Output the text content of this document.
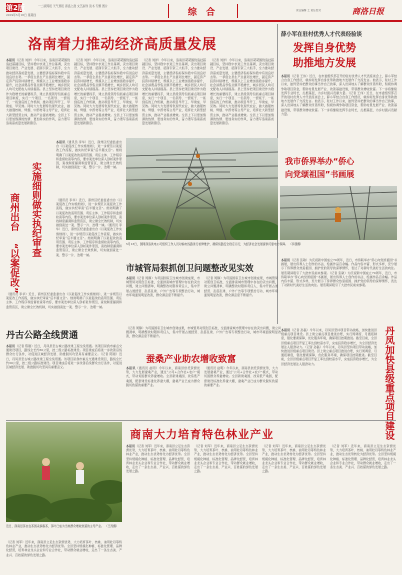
第2版	一二版简报 天气预报 商洛之窗 文艺副刊 读书 专题 图片
2019年5月16日 星期四	综 合	责任编辑 王 责任校对	商洛日报
洛南着力推动经济高质量发展
本报讯（记者 刘洋）今年以来，洛南县紧紧围绕追赶超越目标，坚持稳中求进工作总基调，突出项目建设、产业发展、招商引资三大抓手，全力推动经济高质量发展，主要经济指标保持稳中有进良好态势。一季度全县生产总值同比增长，固定资产投资持续增长，规模以上工业增加值稳步提升，社会消费品零售总额平稳增长，城乡居民人均可支配收入持续提高。县上坚持把项目建设作为稳增长的重要抓手，建立县级领导包抓重点项目制度，实行一个项目、一名领导、一套班子、一抓到底的工作机制，推动项目早开工、早建成、早见效。同时大力发展特色现代农业，做大做强核桃、烤烟、中药材等主导产业，培育壮大新型经营主体，推动产业提质增效。全县上下以更加饱满的热情、更加务实的作风，奋力谱写洛南高质量发展新篇章。
（记者 刘洋）今年以来，洛南县紧紧围绕追赶超越目标，坚持稳中求进工作总基调，突出项目建设、产业发展、招商引资三大抓手，全力推动经济高质量发展，主要经济指标保持稳中有进良好态势。一季度全县生产总值同比增长，固定资产投资持续增长，规模以上工业增加值稳步提升，社会消费品零售总额平稳增长，城乡居民人均可支配收入持续提高。县上坚持把项目建设作为稳增长的重要抓手，建立县级领导包抓重点项目制度，实行一个项目、一名领导、一套班子、一抓到底的工作机制，推动项目早开工、早建成、早见效。同时大力发展特色现代农业，做大做强核桃、烤烟、中药材等主导产业，培育壮大新型经营主体，推动产业提质增效。全县上下以更加饱满的热情、更加务实的作风，奋力谱写洛南高质量发展新篇章。
（记者 刘洋）今年以来，洛南县紧紧围绕追赶超越目标，坚持稳中求进工作总基调，突出项目建设、产业发展、招商引资三大抓手，全力推动经济高质量发展，主要经济指标保持稳中有进良好态势。一季度全县生产总值同比增长，固定资产投资持续增长，规模以上工业增加值稳步提升，社会消费品零售总额平稳增长，城乡居民人均可支配收入持续提高。县上坚持把项目建设作为稳增长的重要抓手，建立县级领导包抓重点项目制度，实行一个项目、一名领导、一套班子、一抓到底的工作机制，推动项目早开工、早建成、早见效。同时大力发展特色现代农业，做大做强核桃、烤烟、中药材等主导产业，培育壮大新型经营主体，推动产业提质增效。全县上下以更加饱满的热情、更加务实的作风，奋力谱写洛南高质量发展新篇章。
（记者 刘洋）今年以来，洛南县紧紧围绕追赶超越目标，坚持稳中求进工作总基调，突出项目建设、产业发展、招商引资三大抓手，全力推动经济高质量发展，主要经济指标保持稳中有进良好态势。一季度全县生产总值同比增长，固定资产投资持续增长，规模以上工业增加值稳步提升，社会消费品零售总额平稳增长，城乡居民人均可支配收入持续提高。县上坚持把项目建设作为稳增长的重要抓手，建立县级领导包抓重点项目制度，实行一个项目、一名领导、一套班子、一抓到底的工作机制，推动项目早开工、早建成、早见效。同时大力发展特色现代农业，做大做强核桃、烤烟、中药材等主导产业，培育壮大新型经营主体，推动产业提质增效。全县上下以更加饱满的热情、更加务实的作风，奋力谱写洛南高质量发展新篇章。
薛小军在驻村优秀人才代表经验谈
发挥自身优势
助推地方发展
本报讯（记者 王伟）近日，在市委组织部召开的驻村优秀人才代表座谈会上，薛小军结合自身工作经历，就如何发挥自身优势助推地方发展作了交流发言。他表示，驻村工作以来，始终坚持把群众的事当作自己的事，深入田间地头了解群众所思所盼，积极协调争取项目资金，帮助村里发展产业、改善基础设施，带领群众增收致富。下一步将继续发挥专业特长，扎根基层，为乡村振兴贡献力量。（记者 王伟）近日，在市委组织部召开的驻村优秀人才代表座谈会上，薛小军结合自身工作经历，就如何发挥自身优势助推地方发展作了交流发言。他表示，驻村工作以来，始终坚持把群众的事当作自己的事，深入田间地头了解群众所思所盼，积极协调争取项目资金，帮助村里发展产业、改善基础设施，带领群众增收致富。下一步将继续发挥专业特长，扎根基层，为乡村振兴贡献力量。
本报讯（通讯员 李华）近日，商州区纪委监委出台《以案促改工作实施细则》，进一步规范以案促改工作流程，做实执纪审查“后半篇文章”。细则明确了以案促改的适用范围、责任主体、工作程序和监督检查等内容，要求案发单位深入剖析案件原因，查找制度漏洞和监管盲区，建立健全长效机制，切实做到查处一案、警示一片、治理一域。
实施细则做实执纪审查
商州出台
“以案促改”
（通讯员 李华）近日，商州区纪委监委出台《以案促改工作实施细则》，进一步规范以案促改工作流程，做实执纪审查“后半篇文章”。细则明确了以案促改的适用范围、责任主体、工作程序和监督检查等内容，要求案发单位深入剖析案件原因，查找制度漏洞和监管盲区，建立健全长效机制，切实做到查处一案、警示一片、治理一域。（通讯员 李华）近日，商州区纪委监委出台《以案促改工作实施细则》，进一步规范以案促改工作流程，做实执纪审查“后半篇文章”。细则明确了以案促改的适用范围、责任主体、工作程序和监督检查等内容，要求案发单位深入剖析案件原因，查找制度漏洞和监管盲区，建立健全长效机制，切实做到查处一案、警示一片、治理一域。
（通讯员 李华）近日，商州区纪委监委出台《以案促改工作实施细则》，进一步规范以案促改工作流程，做实执纪审查“后半篇文章”。细则明确了以案促改的适用范围、责任主体、工作程序和监督检查等内容，要求案发单位深入剖析案件原因，查找制度漏洞和监管盲区，建立健全长效机制，切实做到查处一案、警示一片、治理一域。
5月13日，国网商洛供电公司组织工作人员对输电线路进行检修维护，确保线路安全稳定运行，为经济社会发展提供可靠电力保障。 （李朋摄）
我市侨界举办“侨心
向党颂祖国”书画展
市城管局狠抓创卫问题整改见实效
本报讯（记者 周静）为巩固国家卫生城市创建成果，市城管局对照创卫标准，全面排查城市管理中存在的突出问题，建立问题清单，明确整改时限和责任人，集中开展占道经营、乱搭乱建、户外广告等专项整治行动，城市环境面貌明显改善，群众满意度不断提升。
（记者 周静）为巩固国家卫生城市创建成果，市城管局对照创卫标准，全面排查城市管理中存在的突出问题，建立问题清单，明确整改时限和责任人，集中开展占道经营、乱搭乱建、户外广告等专项整治行动，城市环境面貌明显改善，群众满意度不断提升。
本报讯（记者 张敏）为庆祝新中国成立70周年，近日，市侨联举办“侨心向党颂祖国”书画展，展出侨界人士创作的书法、绘画作品百余幅。作品内容丰富、形式多样，充分展示了侨界群众热爱祖国、拥护党的领导的深厚情怀，表达了对新时代美好生活的向往。展览期间吸引了大批市民前来参观。（记者 张敏）为庆祝新中国成立70周年，近日，市侨联举办“侨心向党颂祖国”书画展，展出侨界人士创作的书法、绘画作品百余幅。作品内容丰富、形式多样，充分展示了侨界群众热爱祖国、拥护党的领导的深厚情怀，表达了对新时代美好生活的向往。展览期间吸引了大批市民前来参观。
丹古公路全线贯通
本报讯（记者 陈刚）近日，丹凤县至古城公路改建工程全线贯通。该项目是我市重点交通建设项目，路线全长约30公里，按二级公路标准建设。项目建成后将进一步改善沿线群众出行条件，对促进区域经济发展、助推脱贫攻坚具有重要意义。（记者 陈刚）近日，丹凤县至古城公路改建工程全线贯通。该项目是我市重点交通建设项目，路线全长约30公里，按二级公路标准建设。项目建成后将进一步改善沿线群众出行条件，对促进区域经济发展、助推脱贫攻坚具有重要意义。
（记者 周静）为巩固国家卫生城市创建成果，市城管局对照创卫标准，全面排查城市管理中存在的突出问题，建立问题清单，明确整改时限和责任人，集中开展占道经营、乱搭乱建、户外广告等专项整治行动，城市环境面貌明显改善，群众满意度不断提升。
蚕桑产业助农增收致富
本报讯（通讯员 赵明）今年以来，商南县依托资源优势，大力发展蚕桑产业，通过“公司+合作社+农户”模式，带动贫困群众养蚕增收。全县新建桑园、改造低产桑园，配套建设标准化养蚕大棚，蚕桑产业已成为群众脱贫致富的重要产业。
（通讯员 赵明）今年以来，商南县依托资源优势，大力发展蚕桑产业，通过“公司+合作社+农户”模式，带动贫困群众养蚕增收。全县新建桑园、改造低产桑园，配套建设标准化养蚕大棚，蚕桑产业已成为群众脱贫致富的重要产业。
本报讯（记者 孙磊）今年以来，丹凤县坚持项目带动战略，加快推进县级重点项目建设。县上建立重点项目推进台账，实行周调度、月通报制度，强化要素保障，优化服务环境，确保项目按期推进。截至目前，全县县级重点项目开复工率达到较高水平，完成投资稳步增长，为全县经济发展注入强劲动力。（记者 孙磊）今年以来，丹凤县坚持项目带动战略，加快推进县级重点项目建设。县上建立重点项目推进台账，实行周调度、月通报制度，强化要素保障，优化服务环境，确保项目按期推进。截至目前，全县县级重点项目开复工率达到较高水平，完成投资稳步增长，为全县经济发展注入强劲动力。	丹凤加快县级重点项目建设
商南大力培育特色林业产业
近日，商南县茶农在茶园采摘春茶，茶叶已成为当地群众增收致富的主导产业。 （王涛摄）
本报讯（记者 刘军）近年来，商南县立足生态资源优势，大力培育茶叶、核桃、油用牡丹等特色林业产业，推动生态优势转化为经济优势。全县坚持规模化种植、标准化管理、品牌化经营，培育林业龙头企业和专业合作社，带动群众就业增收，走出了一条生态美、产业兴、百姓富的绿色发展之路。
（记者 刘军）近年来，商南县立足生态资源优势，大力培育茶叶、核桃、油用牡丹等特色林业产业，推动生态优势转化为经济优势。全县坚持规模化种植、标准化管理、品牌化经营，培育林业龙头企业和专业合作社，带动群众就业增收，走出了一条生态美、产业兴、百姓富的绿色发展之路。
（记者 刘军）近年来，商南县立足生态资源优势，大力培育茶叶、核桃、油用牡丹等特色林业产业，推动生态优势转化为经济优势。全县坚持规模化种植、标准化管理、品牌化经营，培育林业龙头企业和专业合作社，带动群众就业增收，走出了一条生态美、产业兴、百姓富的绿色发展之路。
（记者 刘军）近年来，商南县立足生态资源优势，大力培育茶叶、核桃、油用牡丹等特色林业产业，推动生态优势转化为经济优势。全县坚持规模化种植、标准化管理、品牌化经营，培育林业龙头企业和专业合作社，带动群众就业增收，走出了一条生态美、产业兴、百姓富的绿色发展之路。
（记者 刘军）近年来，商南县立足生态资源优势，大力培育茶叶、核桃、油用牡丹等特色林业产业，推动生态优势转化为经济优势。全县坚持规模化种植、标准化管理、品牌化经营，培育林业龙头企业和专业合作社，带动群众就业增收，走出了一条生态美、产业兴、百姓富的绿色发展之路。
